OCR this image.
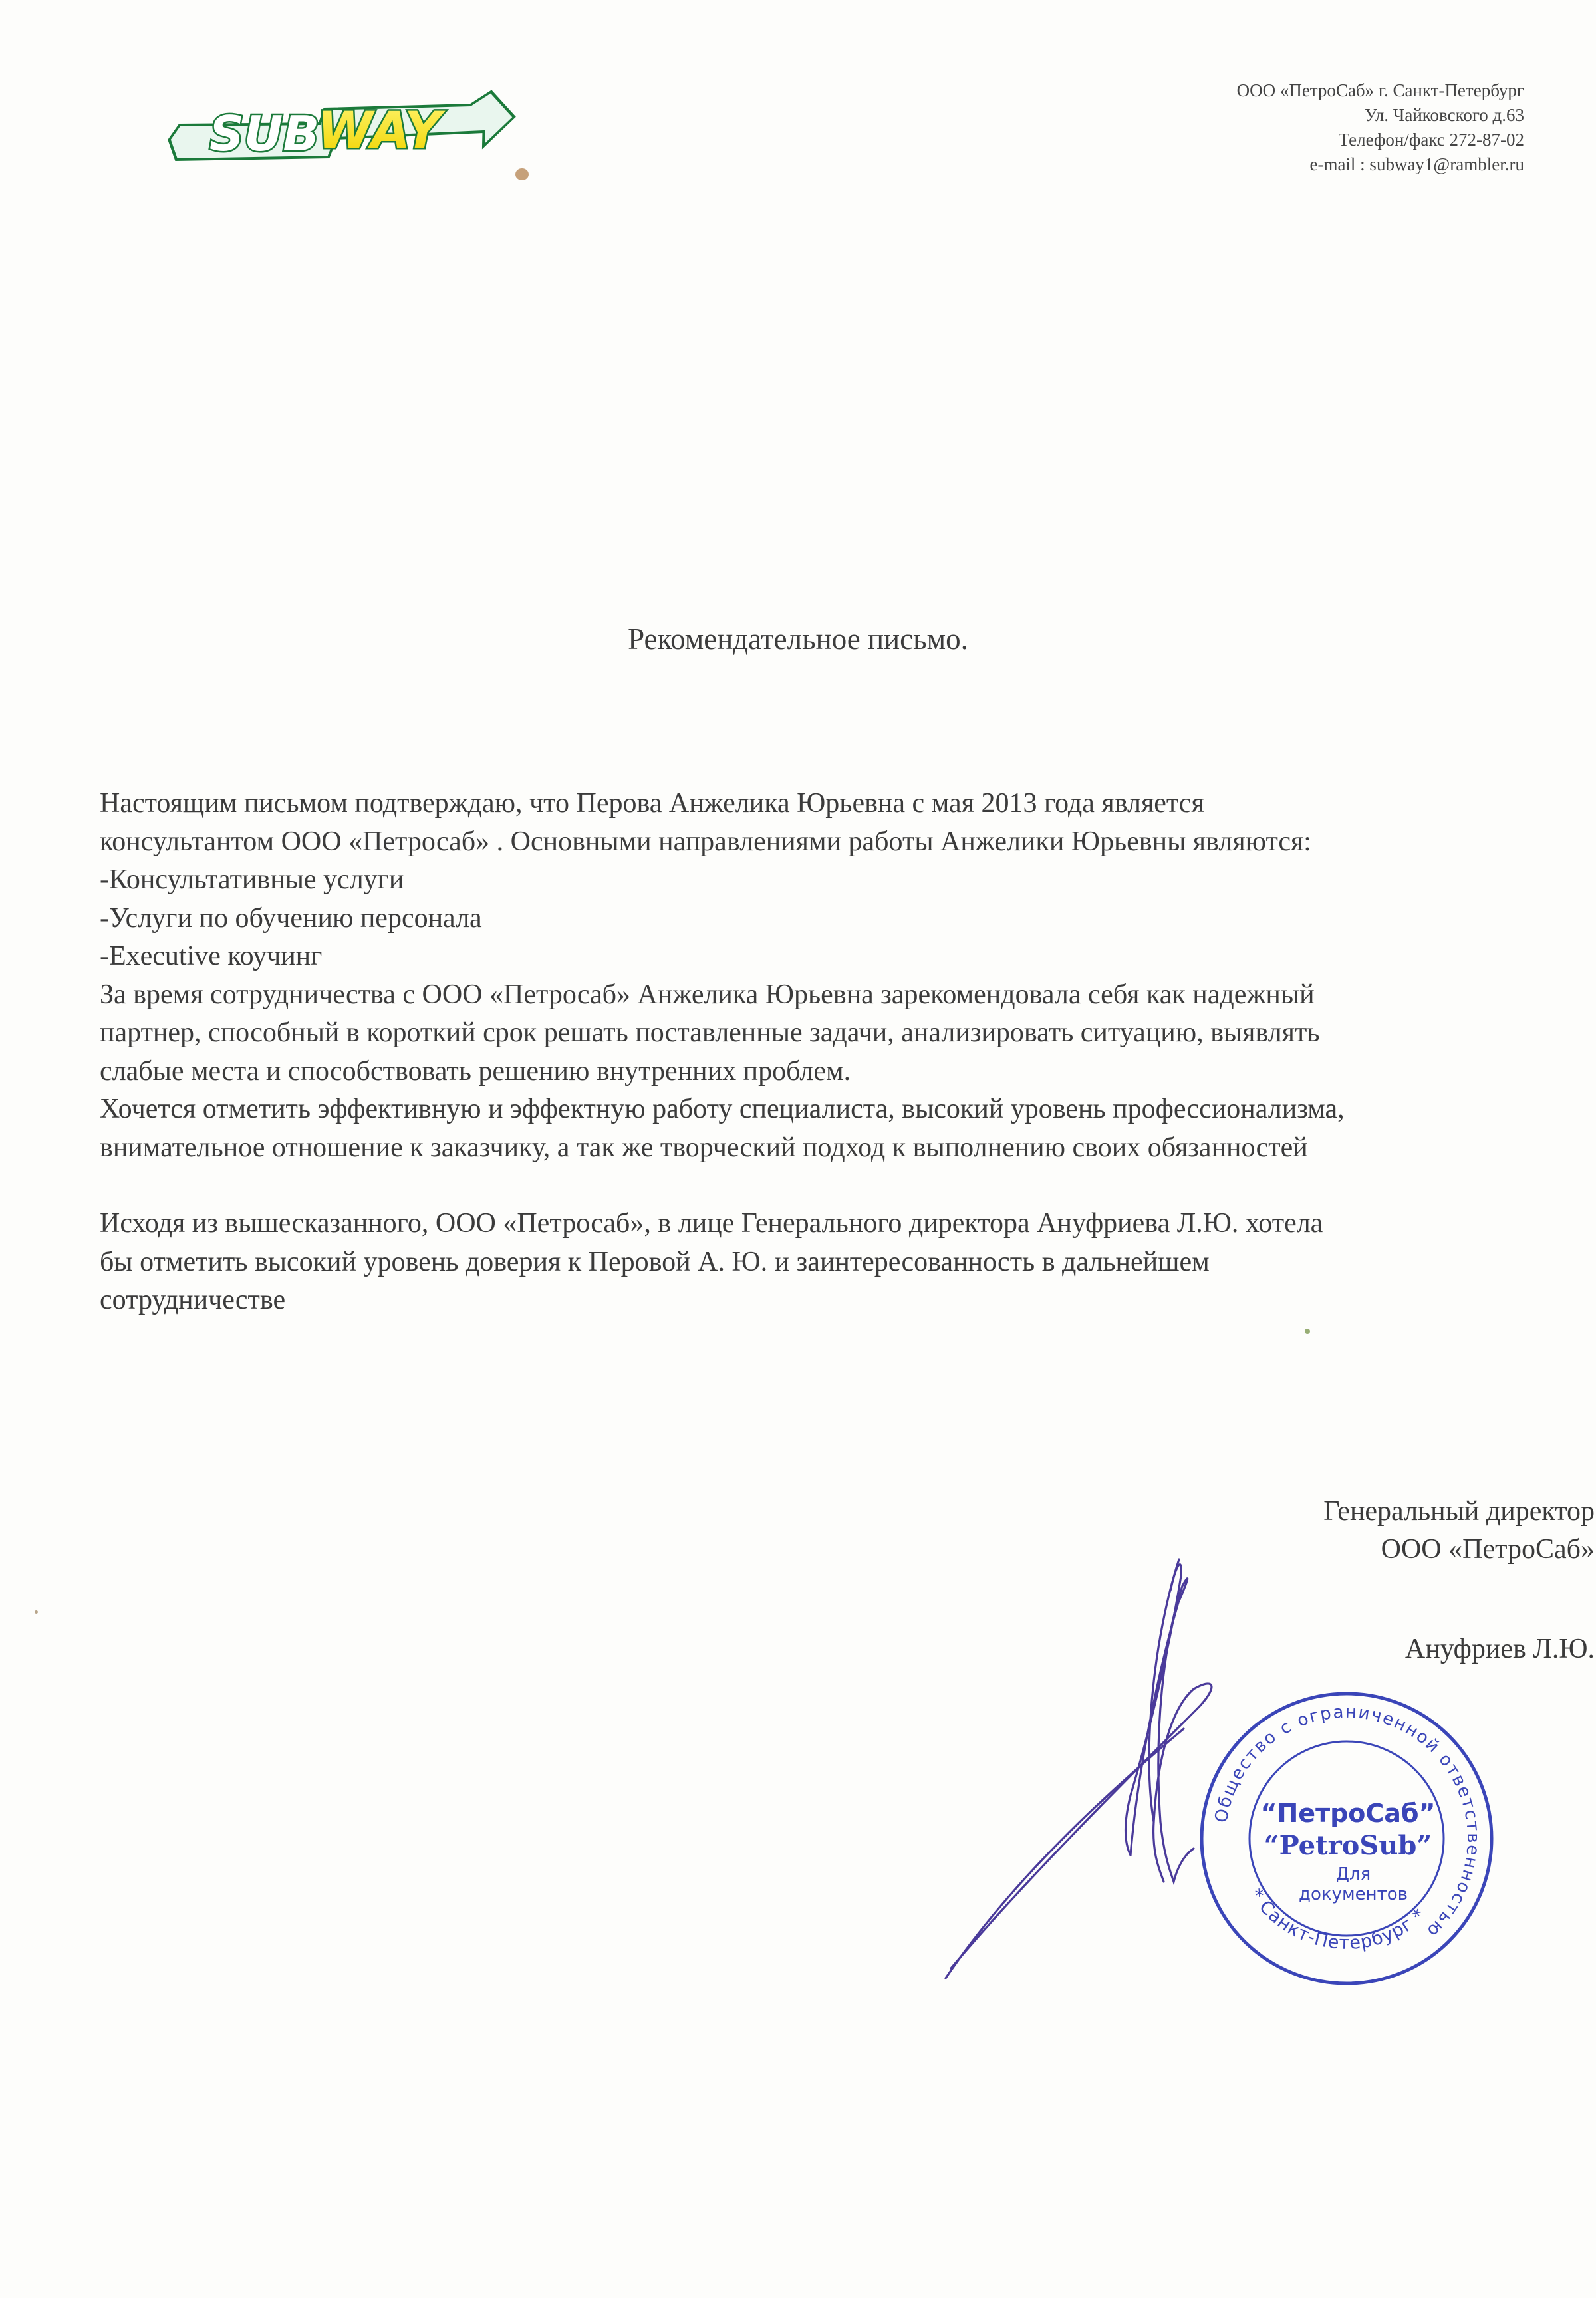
SUB
WAY
ООО «ПетроСаб» г. Санкт-Петербург
Ул. Чайковского д.63
Телефон/факс 272-87-02
e-mail : subway1@rambler.ru
Рекомендательное письмо.

Настоящим письмом подтверждаю, что Перова Анжелика Юрьевна с мая 2013 года является

консультантом ООО «Петросаб» . Основными направлениями работы Анжелики Юрьевны являются:

-Консультативные услуги

-Услуги по обучению персонала

-Executive коучинг

За время сотрудничества с ООО «Петросаб» Анжелика Юрьевна зарекомендовала себя как надежный

партнер, способный в короткий срок решать поставленные задачи, анализировать ситуацию, выявлять

слабые места и способствовать решению внутренних проблем.

Хочется отметить эффективную и эффектную работу специалиста, высокий уровень профессионализма,

внимательное отношение к заказчику, а так же творческий подход к выполнению своих обязанностей

Исходя из вышесказанного, ООО «Петросаб», в лице Генерального директора Ануфриева Л.Ю. хотела

бы отметить высокий уровень доверия к Перовой А. Ю. и заинтересованность в дальнейшем

сотрудничестве

Генеральный директор
ООО «ПетроСаб»
Ануфриев Л.Ю.
Общество с ограниченной ответственностью
* Санкт-Петербург *
“ПетроСаб”
“PetroSub”
Для
документов
